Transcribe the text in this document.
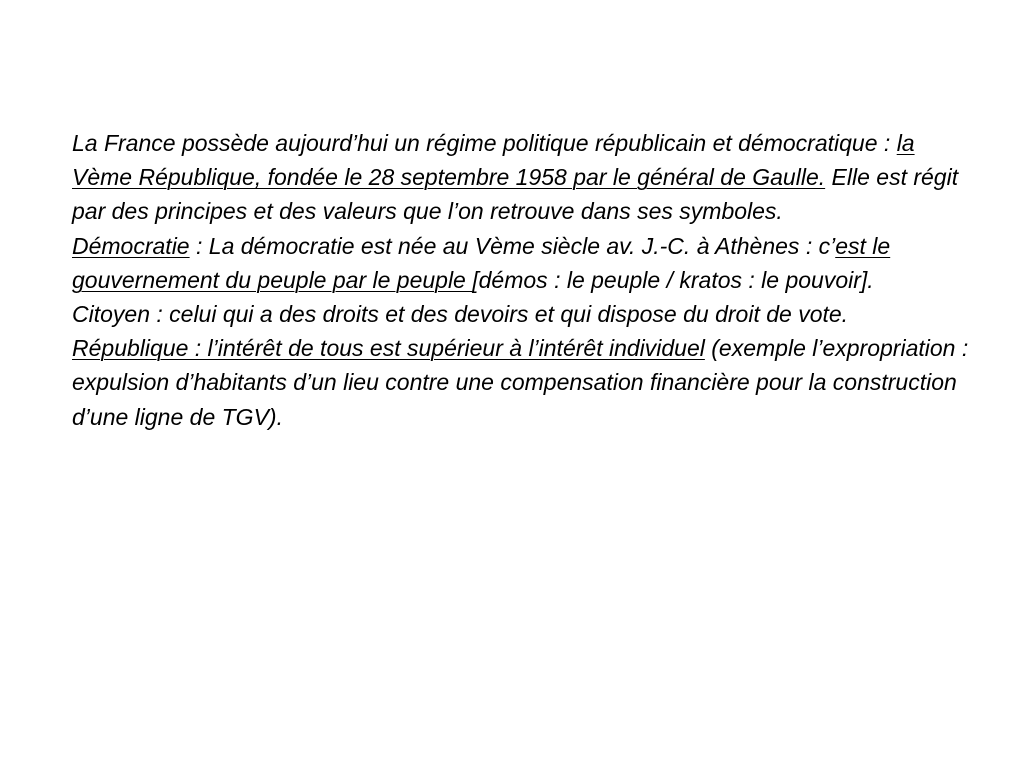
La France possède aujourd’hui un régime politique républicain et démocratique : la Vème République, fondée le 28 septembre 1958 par le général de Gaulle. Elle est régit par des principes et des valeurs que l’on retrouve dans ses symboles.

Démocratie : La démocratie est née au Vème siècle av. J.-C. à Athènes : c’est le gouvernement du peuple par le peuple [démos : le peuple / kratos : le pouvoir].

Citoyen : celui qui a des droits et des devoirs et qui dispose du droit de vote.

République : l’intérêt de tous est supérieur à l’intérêt individuel (exemple l’expropriation : expulsion d’habitants d’un lieu contre une compensation financière pour la construction d’une ligne de TGV).
